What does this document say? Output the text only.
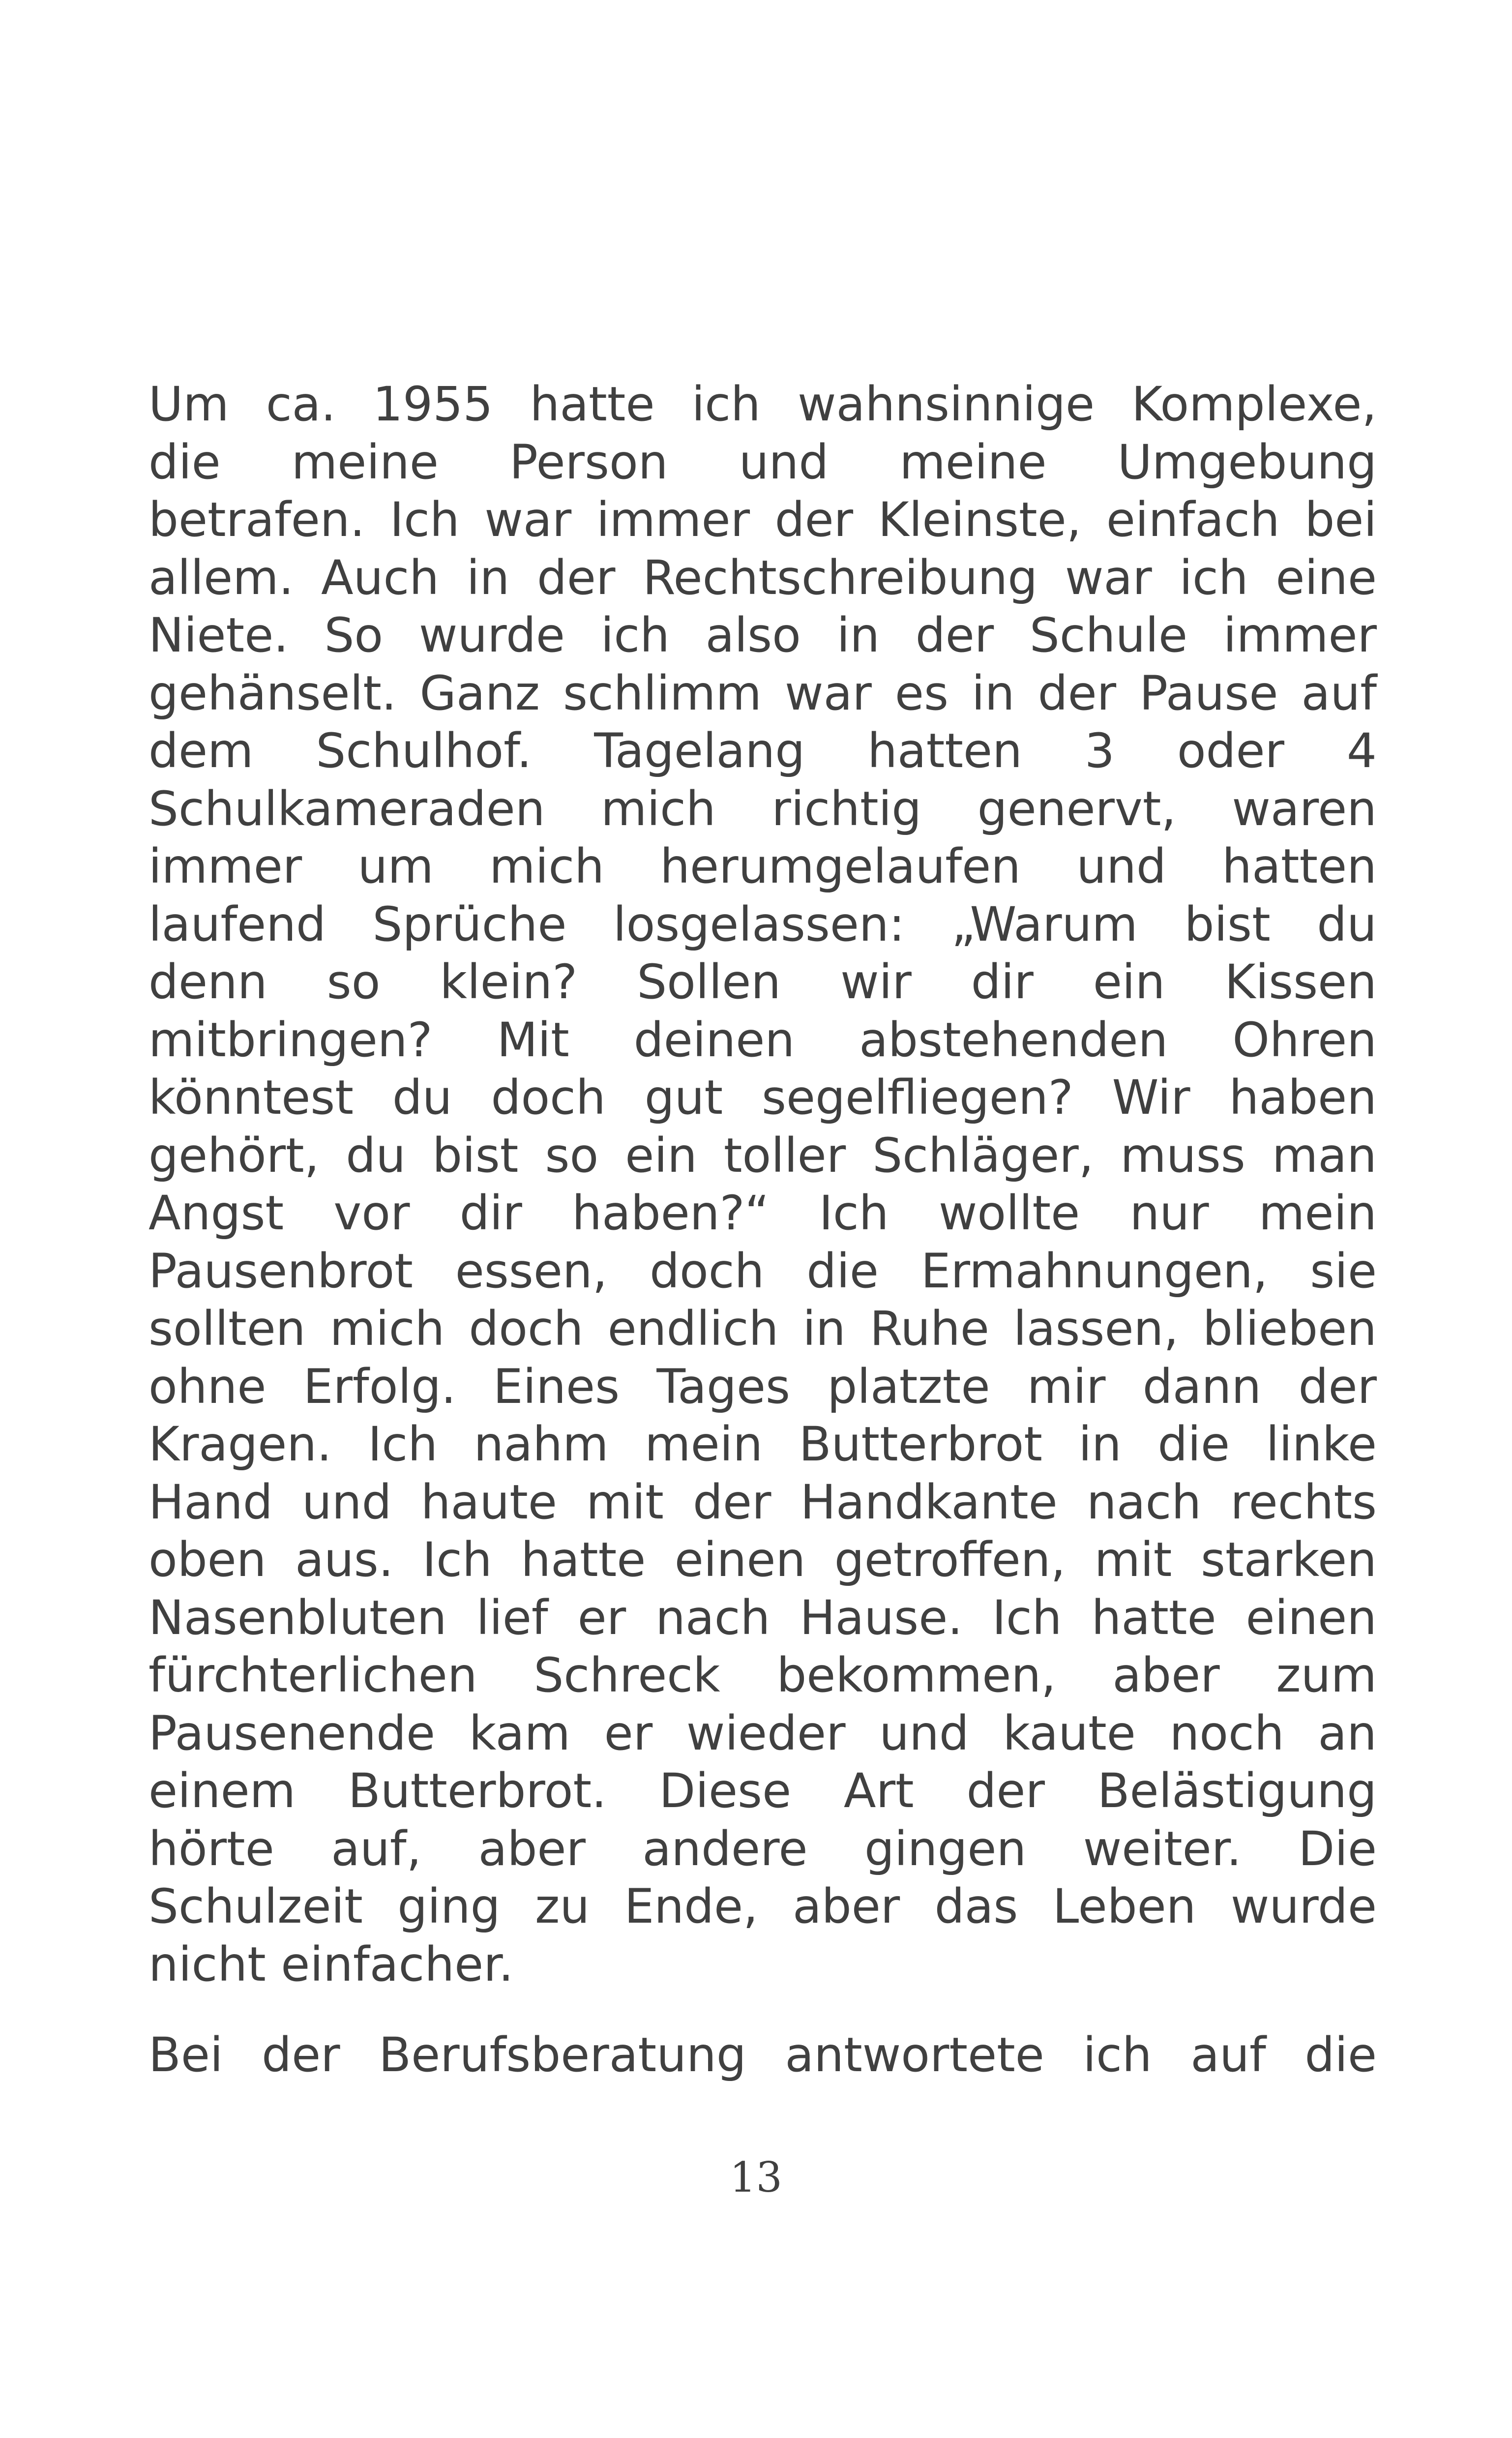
Um ca. 1955 hatte ich wahnsinnige Komplexe,

die meine Person und meine Umgebung

betrafen. Ich war immer der Kleinste, einfach bei

allem. Auch in der Rechtschreibung war ich eine

Niete. So wurde ich also in der Schule immer

gehänselt. Ganz schlimm war es in der Pause auf

dem Schulhof. Tagelang hatten 3 oder 4

Schulkameraden mich richtig genervt, waren

immer um mich herumgelaufen und hatten

laufend Sprüche losgelassen: „Warum bist du

denn so klein? Sollen wir dir ein Kissen

mitbringen? Mit deinen abstehenden Ohren

könntest du doch gut segelfliegen? Wir haben

gehört, du bist so ein toller Schläger, muss man

Angst vor dir haben?“ Ich wollte nur mein

Pausenbrot essen, doch die Ermahnungen, sie

sollten mich doch endlich in Ruhe lassen, blieben

ohne Erfolg. Eines Tages platzte mir dann der

Kragen. Ich nahm mein Butterbrot in die linke

Hand und haute mit der Handkante nach rechts

oben aus. Ich hatte einen getroffen, mit starken

Nasenbluten lief er nach Hause. Ich hatte einen

fürchterlichen Schreck bekommen, aber zum

Pausenende kam er wieder und kaute noch an

einem Butterbrot. Diese Art der Belästigung

hörte auf, aber andere gingen weiter. Die

Schulzeit ging zu Ende, aber das Leben wurde

nicht einfacher.

Bei der Berufsberatung antwortete ich auf die

13
